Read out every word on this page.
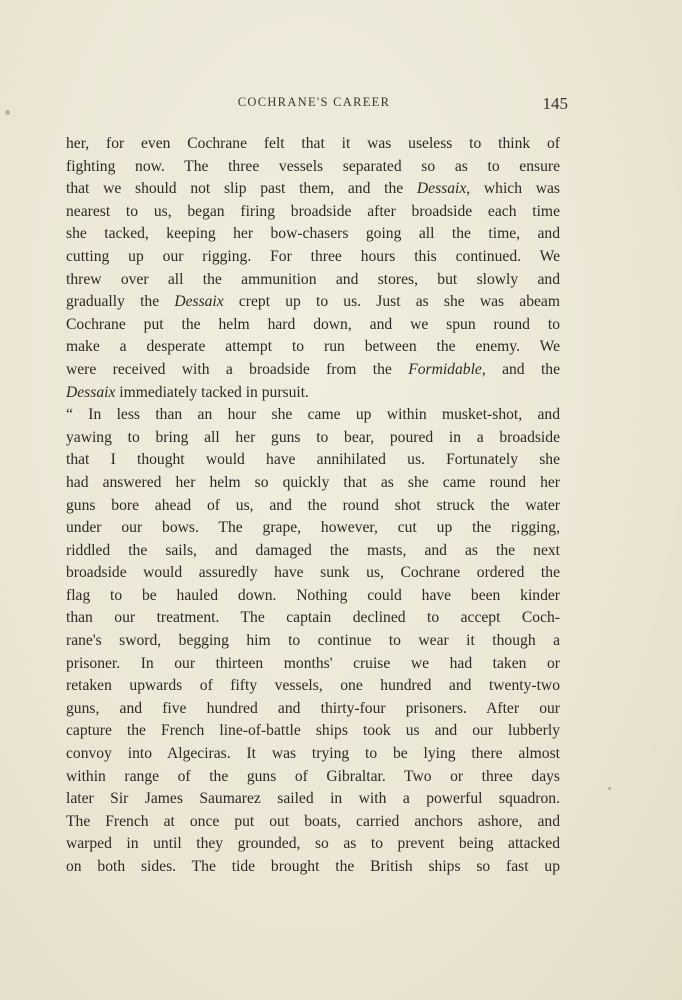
COCHRANE'S CAREER	145
her, for even Cochrane felt that it was useless to think of
fighting now. The three vessels separated so as to ensure
that we should not slip past them, and the Dessaix, which was
nearest to us, began firing broadside after broadside each time
she tacked, keeping her bow-chasers going all the time, and
cutting up our rigging. For three hours this continued. We
threw over all the ammunition and stores, but slowly and
gradually the Dessaix crept up to us. Just as she was abeam
Cochrane put the helm hard down, and we spun round to
make a desperate attempt to run between the enemy. We
were received with a broadside from the Formidable, and the
Dessaix immediately tacked in pursuit.
“ In less than an hour she came up within musket-shot, and
yawing to bring all her guns to bear, poured in a broadside
that I thought would have annihilated us. Fortunately she
had answered her helm so quickly that as she came round her
guns bore ahead of us, and the round shot struck the water
under our bows. The grape, however, cut up the rigging,
riddled the sails, and damaged the masts, and as the next
broadside would assuredly have sunk us, Cochrane ordered the
flag to be hauled down. Nothing could have been kinder
than our treatment. The captain declined to accept Coch-
rane's sword, begging him to continue to wear it though a
prisoner. In our thirteen months' cruise we had taken or
retaken upwards of fifty vessels, one hundred and twenty-two
guns, and five hundred and thirty-four prisoners. After our
capture the French line-of-battle ships took us and our lubberly
convoy into Algeciras. It was trying to be lying there almost
within range of the guns of Gibraltar. Two or three days
later Sir James Saumarez sailed in with a powerful squadron.
The French at once put out boats, carried anchors ashore, and
warped in until they grounded, so as to prevent being attacked
on both sides. The tide brought the British ships so fast up
